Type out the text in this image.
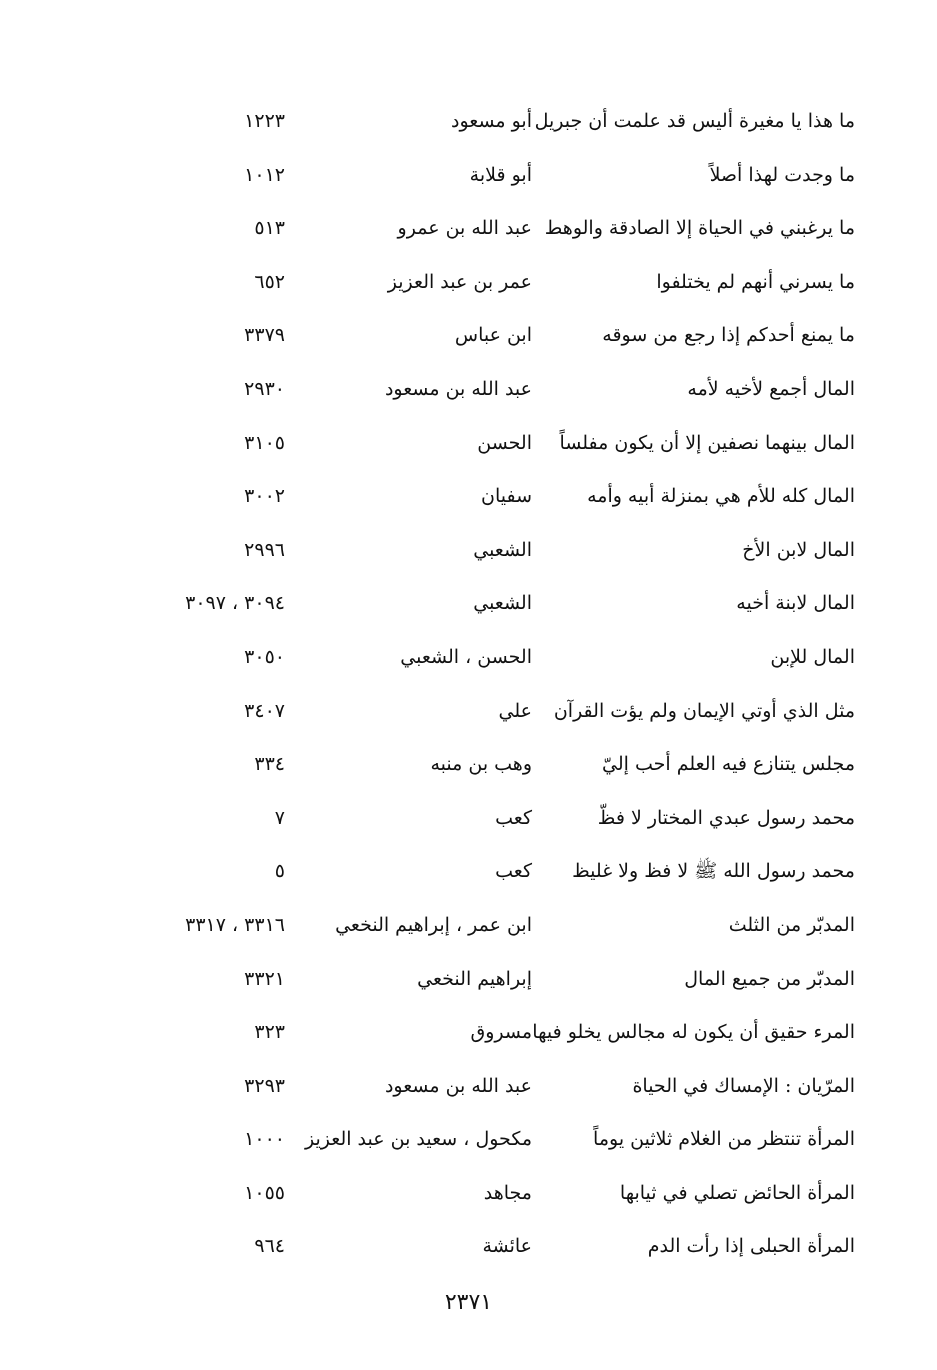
ما هذا يا مغيرة أليس قد علمت أن جبريل
أبو مسعود
١٢٢٣
ما وجدت لهذا أصلاً
أبو قلابة
١٠١٢
ما يرغبني في الحياة إلا الصادقة والوهط
عبد الله بن عمرو
٥١٣
ما يسرني أنهم لم يختلفوا
عمر بن عبد العزيز
٦٥٢
ما يمنع أحدكم إذا رجع من سوقه
ابن عباس
٣٣٧٩
المال أجمع لأخيه لأمه
عبد الله بن مسعود
٢٩٣٠
المال بينهما نصفين إلا أن يكون مفلساً
الحسن
٣١٠٥
المال كله للأم هي بمنزلة أبيه وأمه
سفيان
٣٠٠٢
المال لابن الأخ
الشعبي
٢٩٩٦
المال لابنة أخيه
الشعبي
٣٠٩٤ ، ٣٠٩٧
المال للإبن
الحسن ، الشعبي
٣٠٥٠
مثل الذي أوتي الإيمان ولم يؤت القرآن
علي
٣٤٠٧
مجلس يتنازع فيه العلم أحب إليّ
وهب بن منبه
٣٣٤
محمد رسول عبدي المختار لا فظّ
كعب
٧
محمد رسول الله ﷺ لا فظ ولا غليظ
كعب
٥
المدبّر من الثلث
ابن عمر ، إبراهيم النخعي
٣٣١٦ ، ٣٣١٧
المدبّر من جميع المال
إبراهيم النخعي
٣٣٢١
المرء حقيق أن يكون له مجالس يخلو فيها
مسروق
٣٢٣
المرّيان : الإمساك في الحياة
عبد الله بن مسعود
٣٢٩٣
المرأة تنتظر من الغلام ثلاثين يوماً
مكحول ، سعيد بن عبد العزيز
١٠٠٠
المرأة الحائض تصلي في ثيابها
مجاهد
١٠٥٥
المرأة الحبلى إذا رأت الدم
عائشة
٩٦٤
٢٣٧١
